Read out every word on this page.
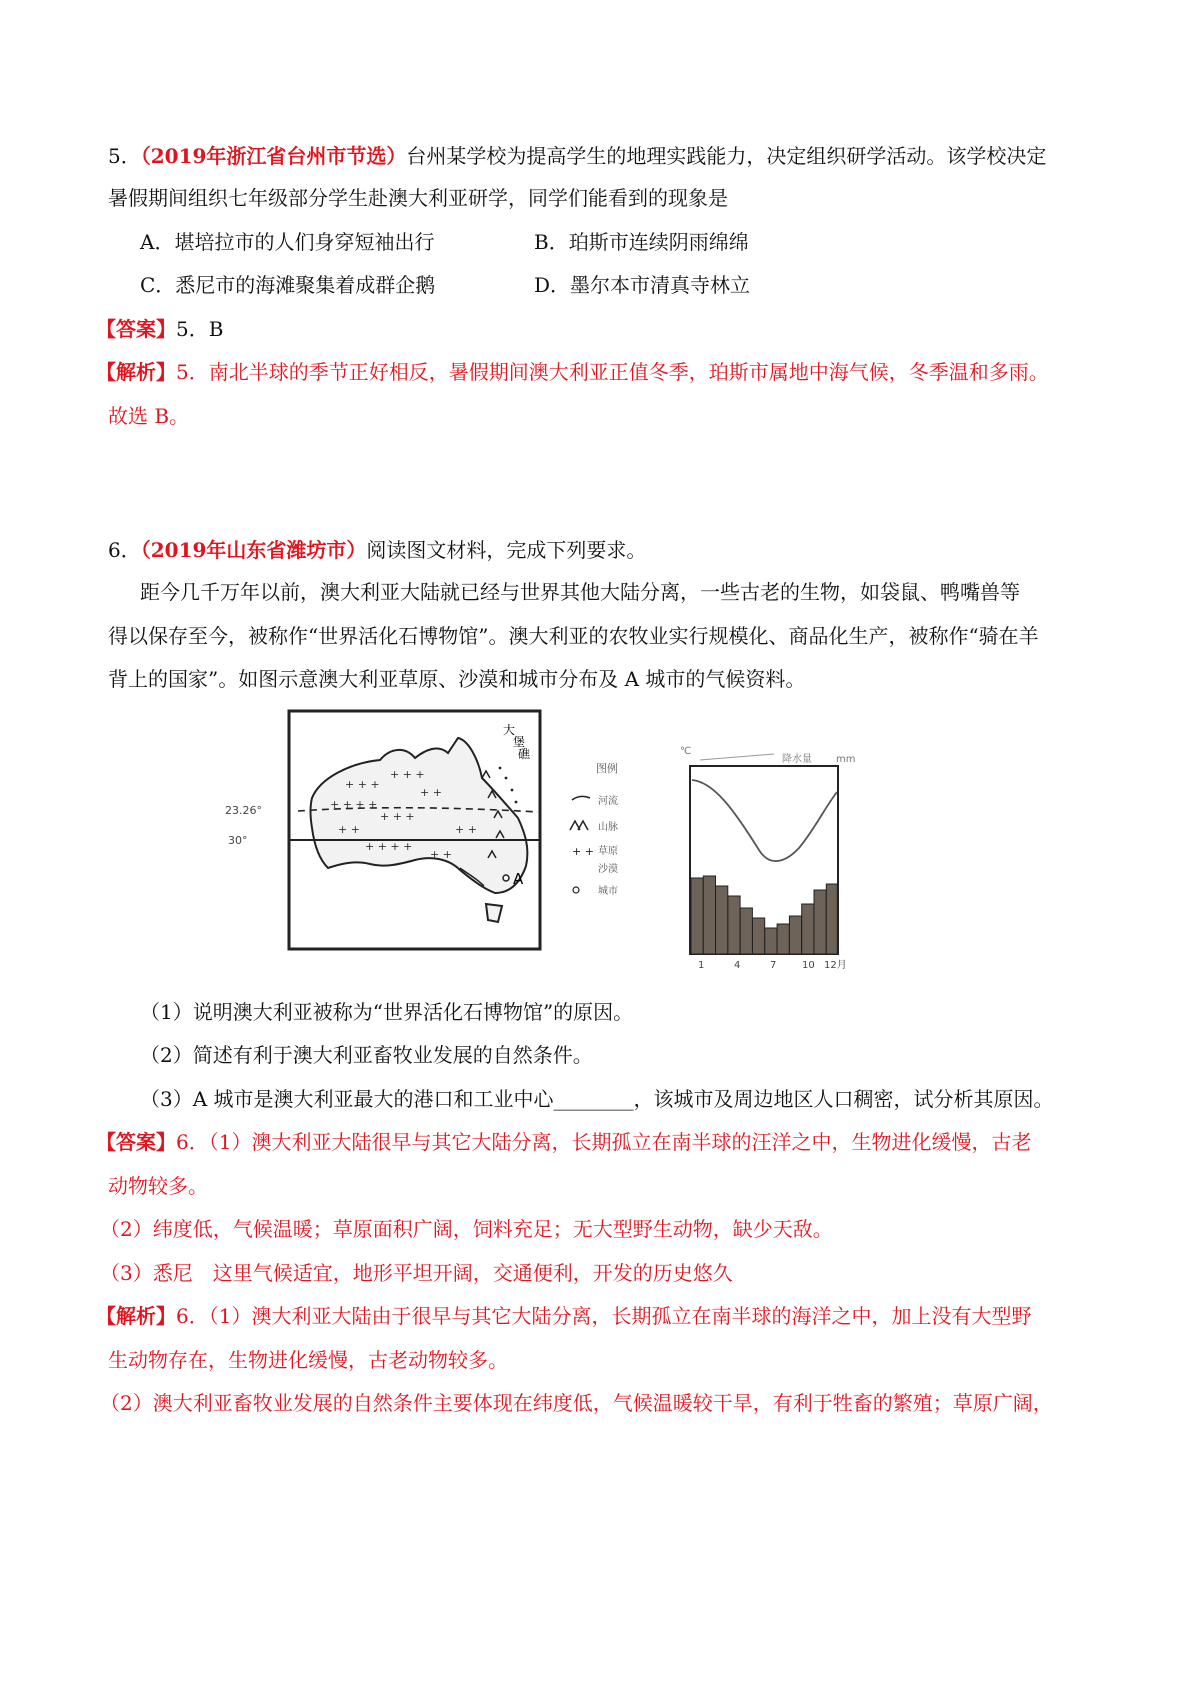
5．（2019年浙江省台州市节选）台州某学校为提高学生的地理实践能力，决定组织研学活动。该学校决定
暑假期间组织七年级部分学生赴澳大利亚研学，同学们能看到的现象是
A．堪培拉市的人们身穿短袖出行	B．珀斯市连续阴雨绵绵
C．悉尼市的海滩聚集着成群企鹅	D．墨尔本市清真寺林立
【答案】5．B
【解析】5．南北半球的季节正好相反，暑假期间澳大利亚正值冬季，珀斯市属地中海气候，冬季温和多雨。
故选 B。
6．（2019年山东省潍坊市）阅读图文材料，完成下列要求。
距今几千万年以前，澳大利亚大陆就已经与世界其他大陆分离，一些古老的生物，如袋鼠、鸭嘴兽等
得以保存至今，被称作“世界活化石博物馆”。澳大利亚的农牧业实行规模化、商品化生产，被称作“骑在羊
背上的国家”。如图示意澳大利亚草原、沙漠和城市分布及 A 城市的气候资料。
+ + +
+ + +
+ +
+ + + +
+ + +
+ +
+ + + +
+ +
+ +
大
堡
礁
A
23.26°
30°
图例
河流
山脉
+ + 草原
沙漠
城市
℃
降水量 mm
1	4	7	10 12月
（1）说明澳大利亚被称为“世界活化石博物馆”的原因。
（2）简述有利于澳大利亚畜牧业发展的自然条件。
（3）A 城市是澳大利亚最大的港口和工业中心________，该城市及周边地区人口稠密，试分析其原因。
【答案】6．（1）澳大利亚大陆很早与其它大陆分离，长期孤立在南半球的汪洋之中，生物进化缓慢，古老
动物较多。
（2）纬度低，气候温暖；草原面积广阔，饲料充足；无大型野生动物，缺少天敌。
（3）悉尼　这里气候适宜，地形平坦开阔，交通便利，开发的历史悠久
【解析】6．（1）澳大利亚大陆由于很早与其它大陆分离，长期孤立在南半球的海洋之中，加上没有大型野
生动物存在，生物进化缓慢，古老动物较多。
（2）澳大利亚畜牧业发展的自然条件主要体现在纬度低，气候温暖较干旱，有利于牲畜的繁殖；草原广阔，
